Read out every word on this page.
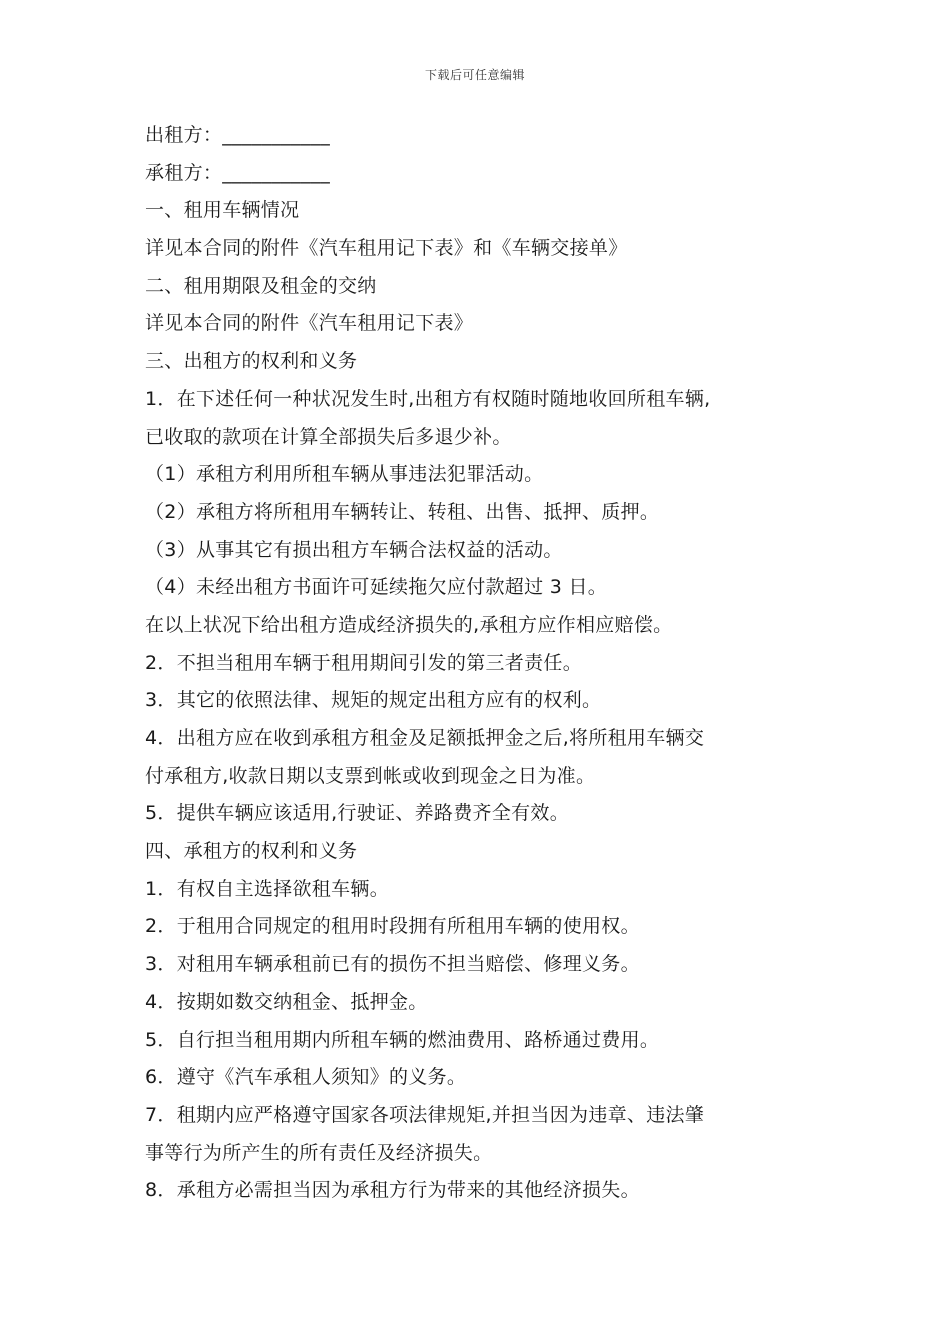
下载后可任意编辑
出租方：___________
承租方：___________
一、租用车辆情况
详见本合同的附件《汽车租用记下表》和《车辆交接单》
二、租用期限及租金的交纳
详见本合同的附件《汽车租用记下表》
三、出租方的权利和义务
1．在下述任何一种状况发生时,出租方有权随时随地收回所租车辆,
已收取的款项在计算全部损失后多退少补。
（1）承租方利用所租车辆从事违法犯罪活动。
（2）承租方将所租用车辆转让、转租、出售、抵押、质押。
（3）从事其它有损出租方车辆合法权益的活动。
（4）未经出租方书面许可延续拖欠应付款超过 3 日。
在以上状况下给出租方造成经济损失的,承租方应作相应赔偿。
2．不担当租用车辆于租用期间引发的第三者责任。
3．其它的依照法律、规矩的规定出租方应有的权利。
4．出租方应在收到承租方租金及足额抵押金之后,将所租用车辆交
付承租方,收款日期以支票到帐或收到现金之日为准。
5．提供车辆应该适用,行驶证、养路费齐全有效。
四、承租方的权利和义务
1．有权自主选择欲租车辆。
2．于租用合同规定的租用时段拥有所租用车辆的使用权。
3．对租用车辆承租前已有的损伤不担当赔偿、修理义务。
4．按期如数交纳租金、抵押金。
5．自行担当租用期内所租车辆的燃油费用、路桥通过费用。
6．遵守《汽车承租人须知》的义务。
7．租期内应严格遵守国家各项法律规矩,并担当因为违章、违法肇
事等行为所产生的所有责任及经济损失。
8．承租方必需担当因为承租方行为带来的其他经济损失。
